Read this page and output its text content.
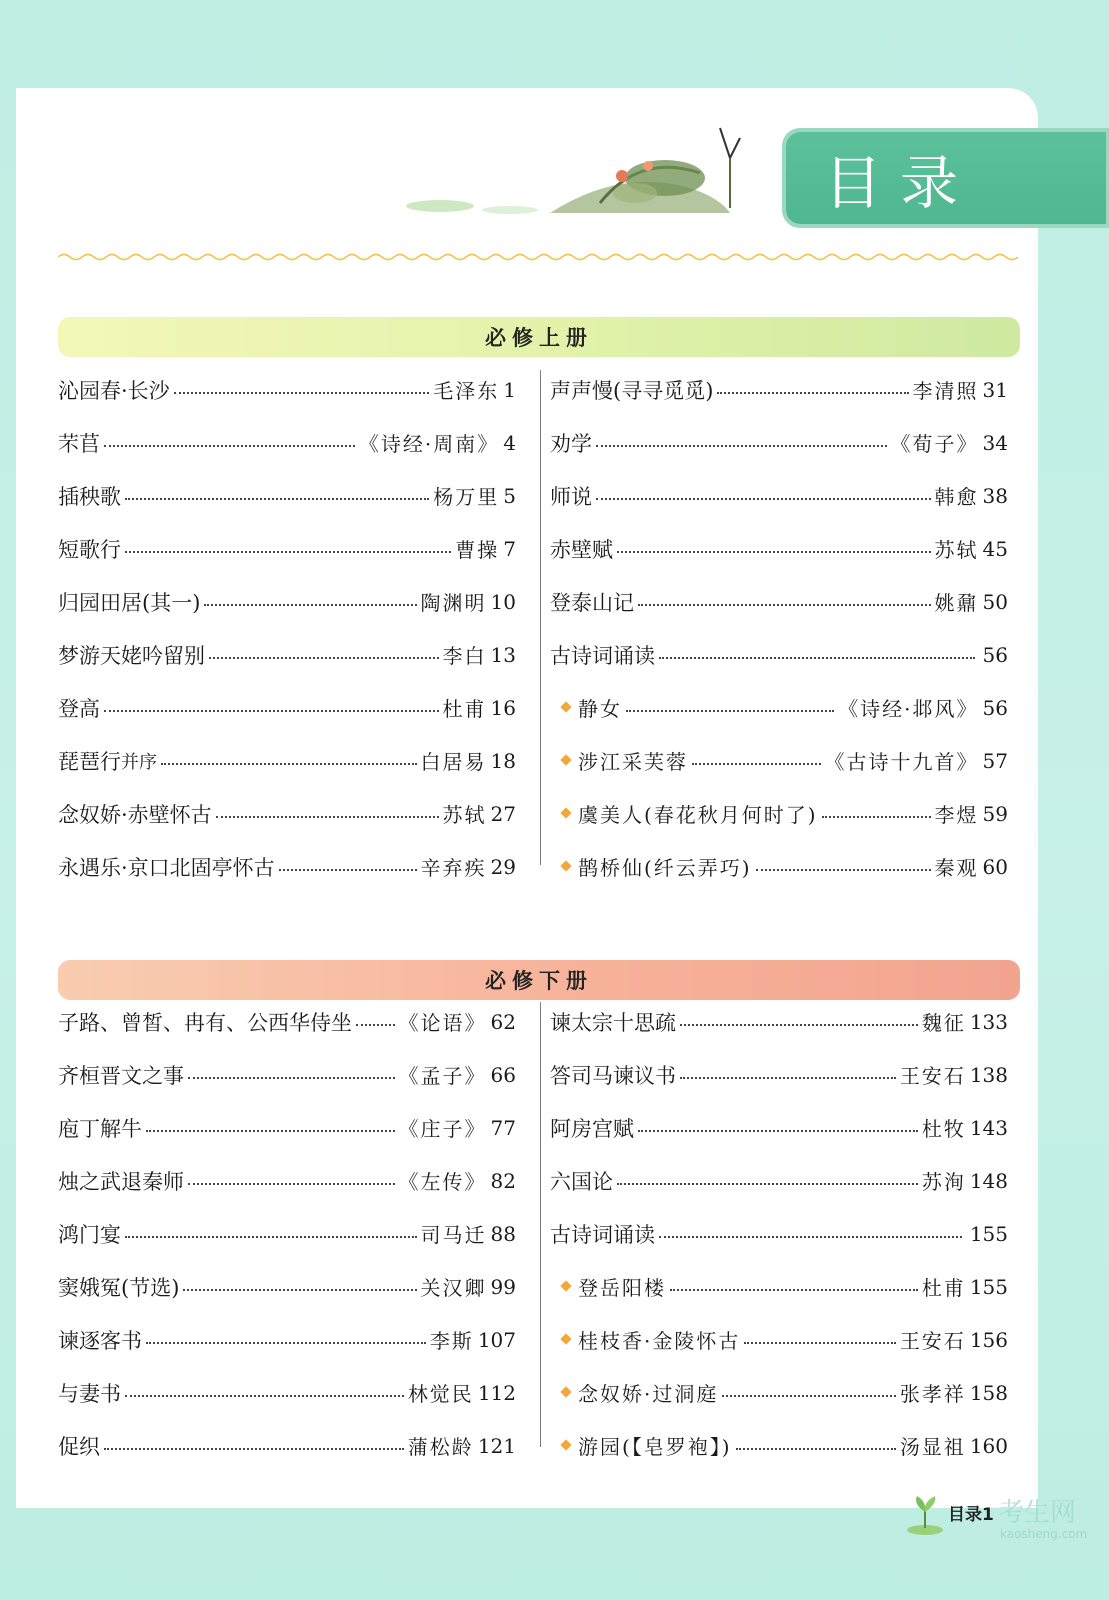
目录
必修上册
沁园春·长沙	毛泽东 1
芣苢	《诗经·周南》 4
插秧歌	杨万里 5
短歌行	曹操 7
归园田居(其一)	陶渊明 10
梦游天姥吟留别	李白 13
登高	杜甫 16
琵琶行 并序	白居易 18
念奴娇·赤壁怀古	苏轼 27
永遇乐·京口北固亭怀古	辛弃疾 29
声声慢(寻寻觅觅)	李清照 31
劝学	《荀子》 34
师说	韩愈 38
赤壁赋	苏轼 45
登泰山记	姚鼐 50
古诗词诵读	56
静女	《诗经·邶风》 56
涉江采芙蓉	《古诗十九首》 57
虞美人(春花秋月何时了)	李煜 59
鹊桥仙(纤云弄巧)	秦观 60
必修下册
子路、曾皙、冉有、公西华侍坐 《论语》 62
齐桓晋文之事	《孟子》 66
庖丁解牛	《庄子》 77
烛之武退秦师	《左传》 82
鸿门宴	司马迁 88
窦娥冤(节选)	关汉卿 99
谏逐客书	李斯 107
与妻书	林觉民 112
促织	蒲松龄 121
谏太宗十思疏	魏征 133
答司马谏议书	王安石 138
阿房宫赋	杜牧 143
六国论	苏洵 148
古诗词诵读	155
登岳阳楼	杜甫 155
桂枝香·金陵怀古	王安石 156
念奴娇·过洞庭	张孝祥 158
游园(【皂罗袍】)	汤显祖 160
目录1 考生网
kaosheng.com
